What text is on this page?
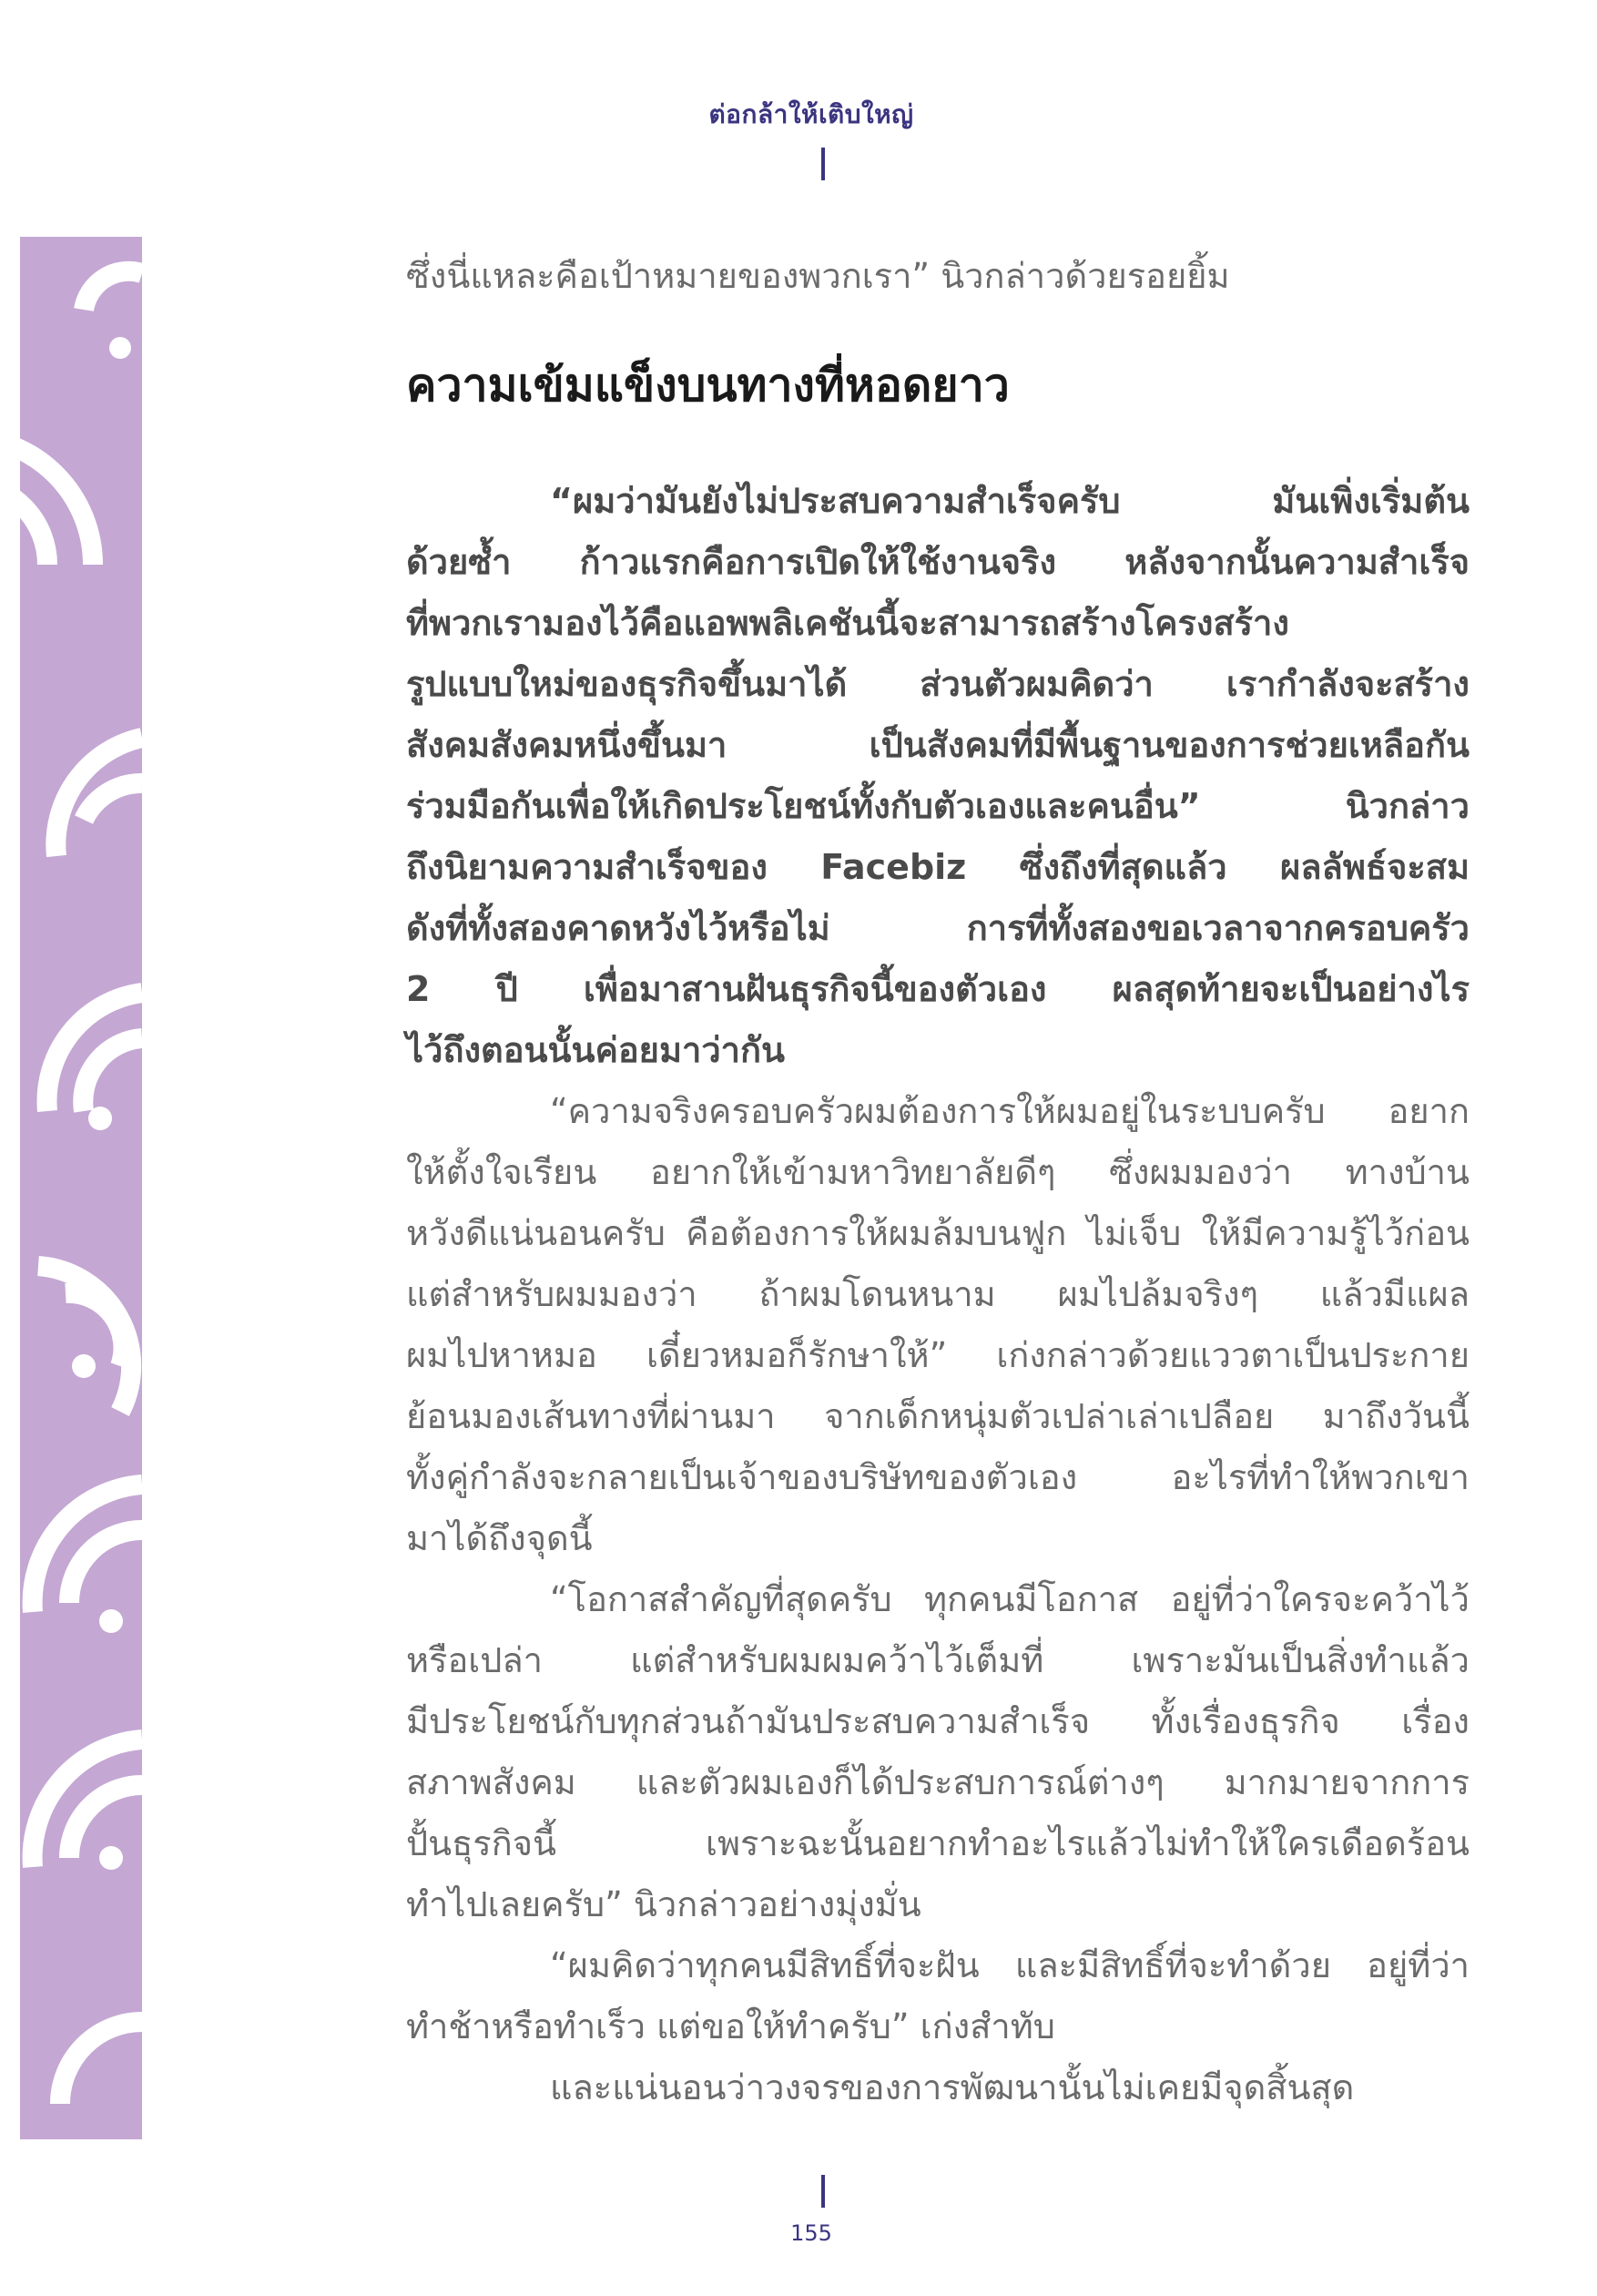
ต่อกล้าให้เติบใหญ่
ซึ่งนี่แหละคือเป้าหมายของพวกเรา” นิวกล่าวด้วยรอยยิ้ม
ความเข้มแข็งบนทางที่หอดยาว
“ผมว่ามันยังไม่ประสบความสำเร็จครับ มันเพิ่งเริ่มต้น
ด้วยซ้ำ ก้าวแรกคือการเปิดให้ใช้งานจริง หลังจากนั้นความสำเร็จ
ที่พวกเรามองไว้คือแอพพลิเคชันนี้จะสามารถสร้างโครงสร้าง
รูปแบบใหม่ของธุรกิจขึ้นมาได้ ส่วนตัวผมคิดว่า เรากำลังจะสร้าง
สังคมสังคมหนึ่งขึ้นมา เป็นสังคมที่มีพื้นฐานของการช่วยเหลือกัน
ร่วมมือกันเพื่อให้เกิดประโยชน์ทั้งกับตัวเองและคนอื่น” นิวกล่าว
ถึงนิยามความสำเร็จของ Facebiz ซึ่งถึงที่สุดแล้ว ผลลัพธ์จะสม
ดังที่ทั้งสองคาดหวังไว้หรือไม่ การที่ทั้งสองขอเวลาจากครอบครัว
2 ปี เพื่อมาสานฝันธุรกิจนี้ของตัวเอง ผลสุดท้ายจะเป็นอย่างไร
ไว้ถึงตอนนั้นค่อยมาว่ากัน
“ความจริงครอบครัวผมต้องการให้ผมอยู่ในระบบครับ อยาก
ให้ตั้งใจเรียน อยากให้เข้ามหาวิทยาลัยดีๆ ซึ่งผมมองว่า ทางบ้าน
หวังดีแน่นอนครับ คือต้องการให้ผมล้มบนฟูก ไม่เจ็บ ให้มีความรู้ไว้ก่อน
แต่สำหรับผมมองว่า ถ้าผมโดนหนาม ผมไปล้มจริงๆ แล้วมีแผล
ผมไปหาหมอ เดี๋ยวหมอก็รักษาให้” เก่งกล่าวด้วยแววตาเป็นประกาย
ย้อนมองเส้นทางที่ผ่านมา จากเด็กหนุ่มตัวเปล่าเล่าเปลือย มาถึงวันนี้
ทั้งคู่กำลังจะกลายเป็นเจ้าของบริษัทของตัวเอง อะไรที่ทำให้พวกเขา
มาได้ถึงจุดนี้
“โอกาสสำคัญที่สุดครับ ทุกคนมีโอกาส อยู่ที่ว่าใครจะคว้าไว้
หรือเปล่า แต่สำหรับผมผมคว้าไว้เต็มที่ เพราะมันเป็นสิ่งทำแล้ว
มีประโยชน์กับทุกส่วนถ้ามันประสบความสำเร็จ ทั้งเรื่องธุรกิจ เรื่อง
สภาพสังคม และตัวผมเองก็ได้ประสบการณ์ต่างๆ มากมายจากการ
ปั้นธุรกิจนี้ เพราะฉะนั้นอยากทำอะไรแล้วไม่ทำให้ใครเดือดร้อน
ทำไปเลยครับ” นิวกล่าวอย่างมุ่งมั่น
“ผมคิดว่าทุกคนมีสิทธิ์ที่จะฝัน และมีสิทธิ์ที่จะทำด้วย อยู่ที่ว่า
ทำช้าหรือทำเร็ว แต่ขอให้ทำครับ” เก่งสำทับ
และแน่นอนว่าวงจรของการพัฒนานั้นไม่เคยมีจุดสิ้นสุด
155
